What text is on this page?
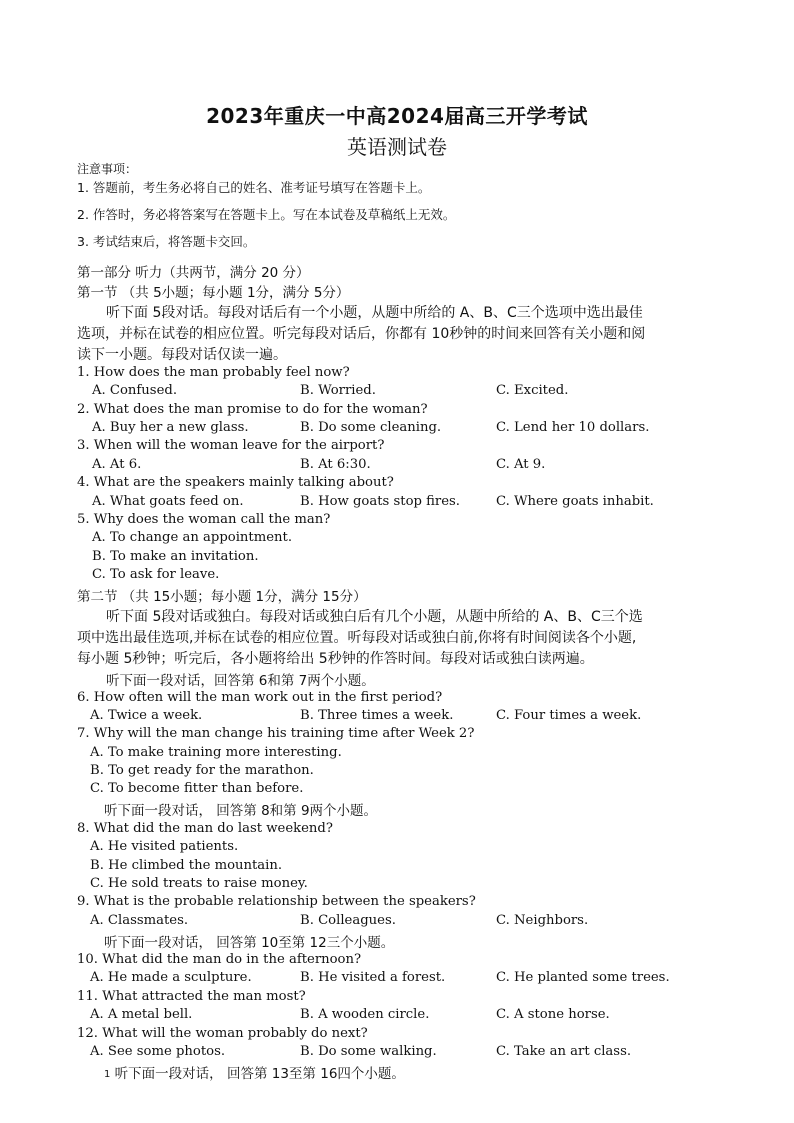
2023年重庆一中高2024届高三开学考试
英语测试卷
注意事项：
1. 答题前，考生务必将自己的姓名、准考证号填写在答题卡上。
2. 作答时，务必将答案写在答题卡上。写在本试卷及草稿纸上无效。
3. 考试结束后，将答题卡交回。
第一部分 听力（共两节，满分 20 分）
第一节 （共 5小题；每小题 1分，满分 5分）
听下面 5段对话。每段对话后有一个小题，从题中所给的 A、B、C三个选项中选出最佳
选项，并标在试卷的相应位置。听完每段对话后，你都有 10秒钟的时间来回答有关小题和阅
读下一小题。每段对话仅读一遍。
1. How does the man probably feel now?
A. Confused.	B. Worried.	C. Excited.
2. What does the man promise to do for the woman?
A. Buy her a new glass.	B. Do some cleaning.	C. Lend her 10 dollars.
3. When will the woman leave for the airport?
A. At 6.	B. At 6:30.	C. At 9.
4. What are the speakers mainly talking about?
A. What goats feed on.	B. How goats stop fires.	C. Where goats inhabit.
5. Why does the woman call the man?
A. To change an appointment.
B. To make an invitation.
C. To ask for leave.
第二节 （共 15小题；每小题 1分，满分 15分）
听下面 5段对话或独白。每段对话或独白后有几个小题，从题中所给的 A、B、C三个选
项中选出最佳选项,并标在试卷的相应位置。听每段对话或独白前,你将有时间阅读各个小题,
每小题 5秒钟；听完后，各小题将给出 5秒钟的作答时间。每段对话或独白读两遍。
听下面一段对话，回答第 6和第 7两个小题。
6. How often will the man work out in the first period?
A. Twice a week.	B. Three times a week.	C. Four times a week.
7. Why will the man change his training time after Week 2?
A. To make training more interesting.
B. To get ready for the marathon.
C. To become fitter than before.
听下面一段对话， 回答第 8和第 9两个小题。
8. What did the man do last weekend?
A. He visited patients.
B. He climbed the mountain.
C. He sold treats to raise money.
9. What is the probable relationship between the speakers?
A. Classmates.	B. Colleagues.	C. Neighbors.
听下面一段对话， 回答第 10至第 12三个小题。
10. What did the man do in the afternoon?
A. He made a sculpture.	B. He visited a forest.	C. He planted some trees.
11. What attracted the man most?
A. A metal bell.	B. A wooden circle.	C. A stone horse.
12. What will the woman probably do next?
A. See some photos.	B. Do some walking.	C. Take an art class.
1 听下面一段对话， 回答第 13至第 16四个小题。
